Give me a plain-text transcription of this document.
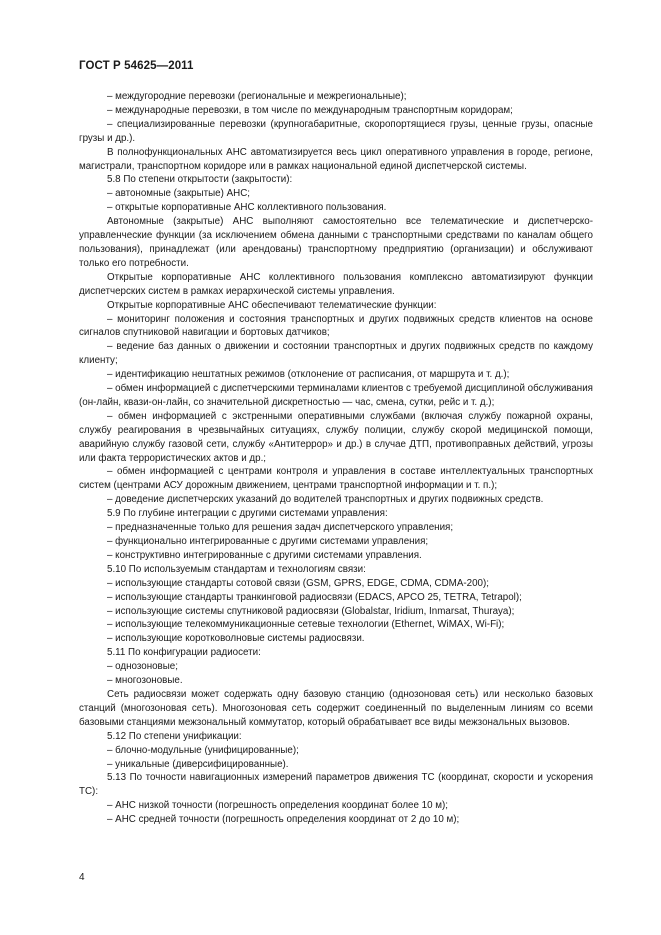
ГОСТ Р 54625—2011

– междугородние перевозки (региональные и межрегиональные);

– международные перевозки, в том числе по международным транспортным коридорам;

– специализированные перевозки (крупногабаритные, скоропортящиеся грузы, ценные грузы, опасные грузы и др.).

В полнофункциональных АНС автоматизируется весь цикл оперативного управления в городе, регионе, магистрали, транспортном коридоре или в рамках национальной единой диспетчерской системы.

5.8 По степени открытости (закрытости):

– автономные (закрытые) АНС;

– открытые корпоративные АНС коллективного пользования.

Автономные (закрытые) АНС выполняют самостоятельно все телематические и диспетчерско-управленческие функции (за исключением обмена данными с транспортными средствами по каналам общего пользования), принадлежат (или арендованы) транспортному предприятию (организации) и обслуживают только его потребности.

Открытые корпоративные АНС коллективного пользования комплексно автоматизируют функции диспетчерских систем в рамках иерархической системы управления.

Открытые корпоративные АНС обеспечивают телематические функции:

– мониторинг положения и состояния транспортных и других подвижных средств клиентов на основе сигналов спутниковой навигации и бортовых датчиков;

– ведение баз данных о движении и состоянии транспортных и других подвижных средств по каждому клиенту;

– идентификацию нештатных режимов (отклонение от расписания, от маршрута и т. д.);

– обмен информацией с диспетчерскими терминалами клиентов с требуемой дисциплиной обслуживания (он-лайн, квази-он-лайн, со значительной дискретностью — час, смена, сутки, рейс и т. д.);

– обмен информацией с экстренными оперативными службами (включая службу пожарной охраны, службу реагирования в чрезвычайных ситуациях, службу полиции, службу скорой медицинской помощи, аварийную службу газовой сети, службу «Антитеррор» и др.) в случае ДТП, противоправных действий, угрозы или факта террористических актов и др.;

– обмен информацией с центрами контроля и управления в составе интеллектуальных транспортных систем (центрами АСУ дорожным движением, центрами транспортной информации и т. п.);

– доведение диспетчерских указаний до водителей транспортных и других подвижных средств.

5.9 По глубине интеграции с другими системами управления:

– предназначенные только для решения задач диспетчерского управления;

– функционально интегрированные с другими системами управления;

– конструктивно интегрированные с другими системами управления.

5.10 По используемым стандартам и технологиям связи:

– использующие стандарты сотовой связи (GSM, GPRS, EDGE, CDMA, CDMA-200);

– использующие стандарты транкинговой радиосвязи (EDACS, APCO 25, TETRA, Tetrapol);

– использующие системы спутниковой радиосвязи (Globalstar, Iridium, Inmarsat, Thuraya);

– использующие телекоммуникационные сетевые технологии (Ethernet, WiMAX, Wi-Fi);

– использующие коротковолновые системы радиосвязи.

5.11 По конфигурации радиосети:

– однозоновые;

– многозоновые.

Сеть радиосвязи может содержать одну базовую станцию (однозоновая сеть) или несколько базовых станций (многозоновая сеть). Многозоновая сеть содержит соединенный по выделенным линиям со всеми базовыми станциями межзональный коммутатор, который обрабатывает все виды межзональных вызовов.

5.12 По степени унификации:

– блочно-модульные (унифицированные);

– уникальные (диверсифицированные).

5.13 По точности навигационных измерений параметров движения ТС (координат, скорости и ускорения ТС):

– АНС низкой точности (погрешность определения координат более 10 м);

– АНС средней точности (погрешность определения координат от 2 до 10 м);

4
